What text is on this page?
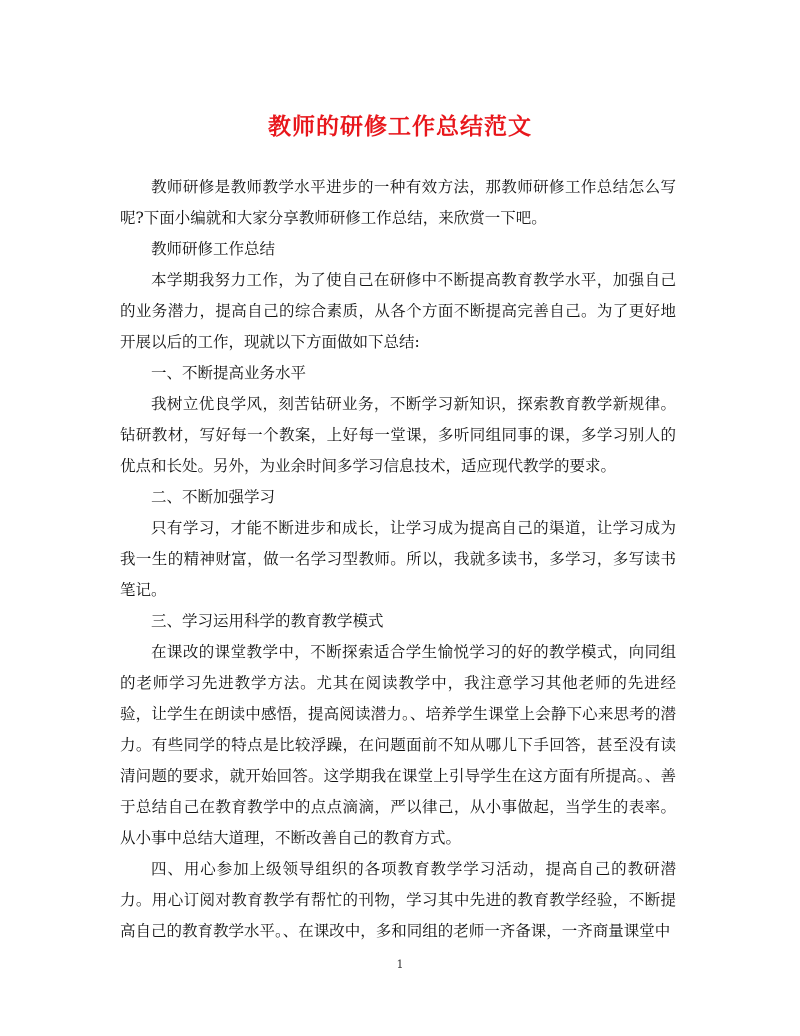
教师的研修工作总结范文

教师研修是教师教学水平进步的一种有效方法，那教师研修工作总结怎么写呢?下面小编就和大家分享教师研修工作总结，来欣赏一下吧。

教师研修工作总结

本学期我努力工作，为了使自己在研修中不断提高教育教学水平，加强自己的业务潜力，提高自己的综合素质，从各个方面不断提高完善自己。为了更好地开展以后的工作，现就以下方面做如下总结:

一、不断提高业务水平

我树立优良学风，刻苦钻研业务，不断学习新知识，探索教育教学新规律。钻研教材，写好每一个教案，上好每一堂课，多听同组同事的课，多学习别人的优点和长处。另外，为业余时间多学习信息技术，适应现代教学的要求。

二、不断加强学习

只有学习，才能不断进步和成长，让学习成为提高自己的渠道，让学习成为我一生的精神财富，做一名学习型教师。所以，我就多读书，多学习，多写读书笔记。

三、学习运用科学的教育教学模式

在课改的课堂教学中，不断探索适合学生愉悦学习的好的教学模式，向同组的老师学习先进教学方法。尤其在阅读教学中，我注意学习其他老师的先进经验，让学生在朗读中感悟，提高阅读潜力。、培养学生课堂上会静下心来思考的潜力。有些同学的特点是比较浮躁，在问题面前不知从哪儿下手回答，甚至没有读清问题的要求，就开始回答。这学期我在课堂上引导学生在这方面有所提高。、善于总结自己在教育教学中的点点滴滴，严以律己，从小事做起，当学生的表率。从小事中总结大道理，不断改善自己的教育方式。

四、用心参加上级领导组织的各项教育教学学习活动，提高自己的教研潜力。用心订阅对教育教学有帮忙的刊物，学习其中先进的教育教学经验，不断提高自己的教育教学水平。、在课改中，多和同组的老师一齐备课，一齐商量课堂中

1
